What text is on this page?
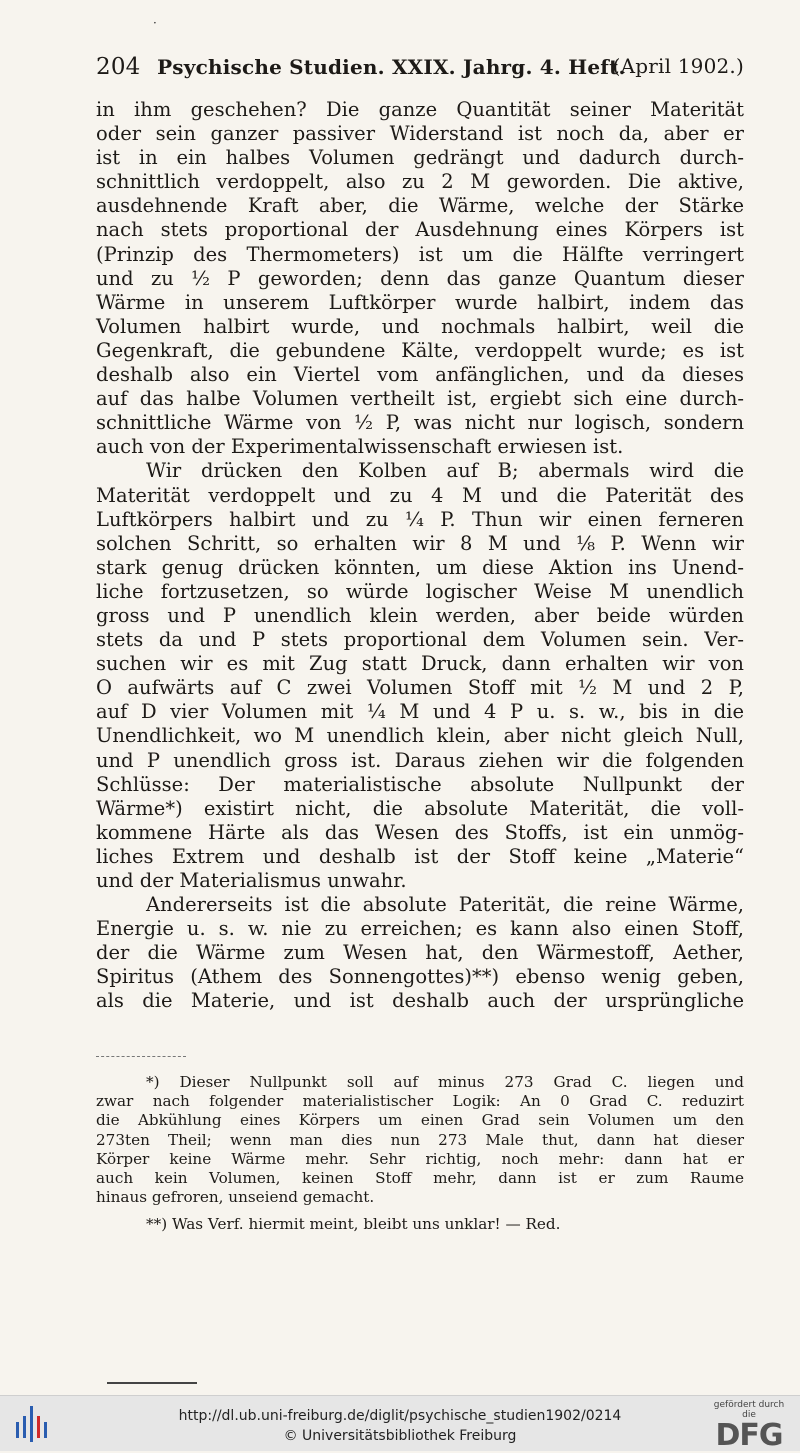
·
204 Psychische Studien. XXIX. Jahrg. 4. Heft.
(April 1902.)
in ihm geschehen? Die ganze Quantität seiner Materität
oder sein ganzer passiver Widerstand ist noch da, aber er
ist in ein halbes Volumen gedrängt und dadurch durch-
schnittlich verdoppelt, also zu 2 M geworden. Die aktive,
ausdehnende Kraft aber, die Wärme, welche der Stärke
nach stets proportional der Ausdehnung eines Körpers ist
(Prinzip des Thermometers) ist um die Hälfte verringert
und zu ½ P geworden; denn das ganze Quantum dieser
Wärme in unserem Luftkörper wurde halbirt, indem das
Volumen halbirt wurde, und nochmals halbirt, weil die
Gegenkraft, die gebundene Kälte, verdoppelt wurde; es ist
deshalb also ein Viertel vom anfänglichen, und da dieses
auf das halbe Volumen vertheilt ist, ergiebt sich eine durch-
schnittliche Wärme von ½ P, was nicht nur logisch, sondern
auch von der Experimentalwissenschaft erwiesen ist.
Wir drücken den Kolben auf B; abermals wird die
Materität verdoppelt und zu 4 M und die Paterität des
Luftkörpers halbirt und zu ¼ P. Thun wir einen ferneren
solchen Schritt, so erhalten wir 8 M und ⅛ P. Wenn wir
stark genug drücken könnten, um diese Aktion ins Unend-
liche fortzusetzen, so würde logischer Weise M unendlich
gross und P unendlich klein werden, aber beide würden
stets da und P stets proportional dem Volumen sein. Ver-
suchen wir es mit Zug statt Druck, dann erhalten wir von
O aufwärts auf C zwei Volumen Stoff mit ½ M und 2 P,
auf D vier Volumen mit ¼ M und 4 P u. s. w., bis in die
Unendlichkeit, wo M unendlich klein, aber nicht gleich Null,
und P unendlich gross ist. Daraus ziehen wir die folgenden
Schlüsse: Der materialistische absolute Nullpunkt der
Wärme*) existirt nicht, die absolute Materität, die voll-
kommene Härte als das Wesen des Stoffs, ist ein unmög-
liches Extrem und deshalb ist der Stoff keine „Materie“
und der Materialismus unwahr.
Andererseits ist die absolute Paterität, die reine Wärme,
Energie u. s. w. nie zu erreichen; es kann also einen Stoff,
der die Wärme zum Wesen hat, den Wärmestoff, Aether,
Spiritus (Athem des Sonnengottes)**) ebenso wenig geben,
als die Materie, und ist deshalb auch der ursprüngliche
*) Dieser Nullpunkt soll auf minus 273 Grad C. liegen und
zwar nach folgender materialistischer Logik: An 0 Grad C. reduzirt
die Abkühlung eines Körpers um einen Grad sein Volumen um den
273ten Theil; wenn man dies nun 273 Male thut, dann hat dieser
Körper keine Wärme mehr. Sehr richtig, noch mehr: dann hat er
auch kein Volumen, keinen Stoff mehr, dann ist er zum Raume
hinaus gefroren, unseiend gemacht.
**) Was Verf. hiermit meint, bleibt uns unklar! — Red.
http://dl.ub.uni-freiburg.de/diglit/psychische_studien1902/0214
© Universitätsbibliothek Freiburg
gefördert durch die
DFG
